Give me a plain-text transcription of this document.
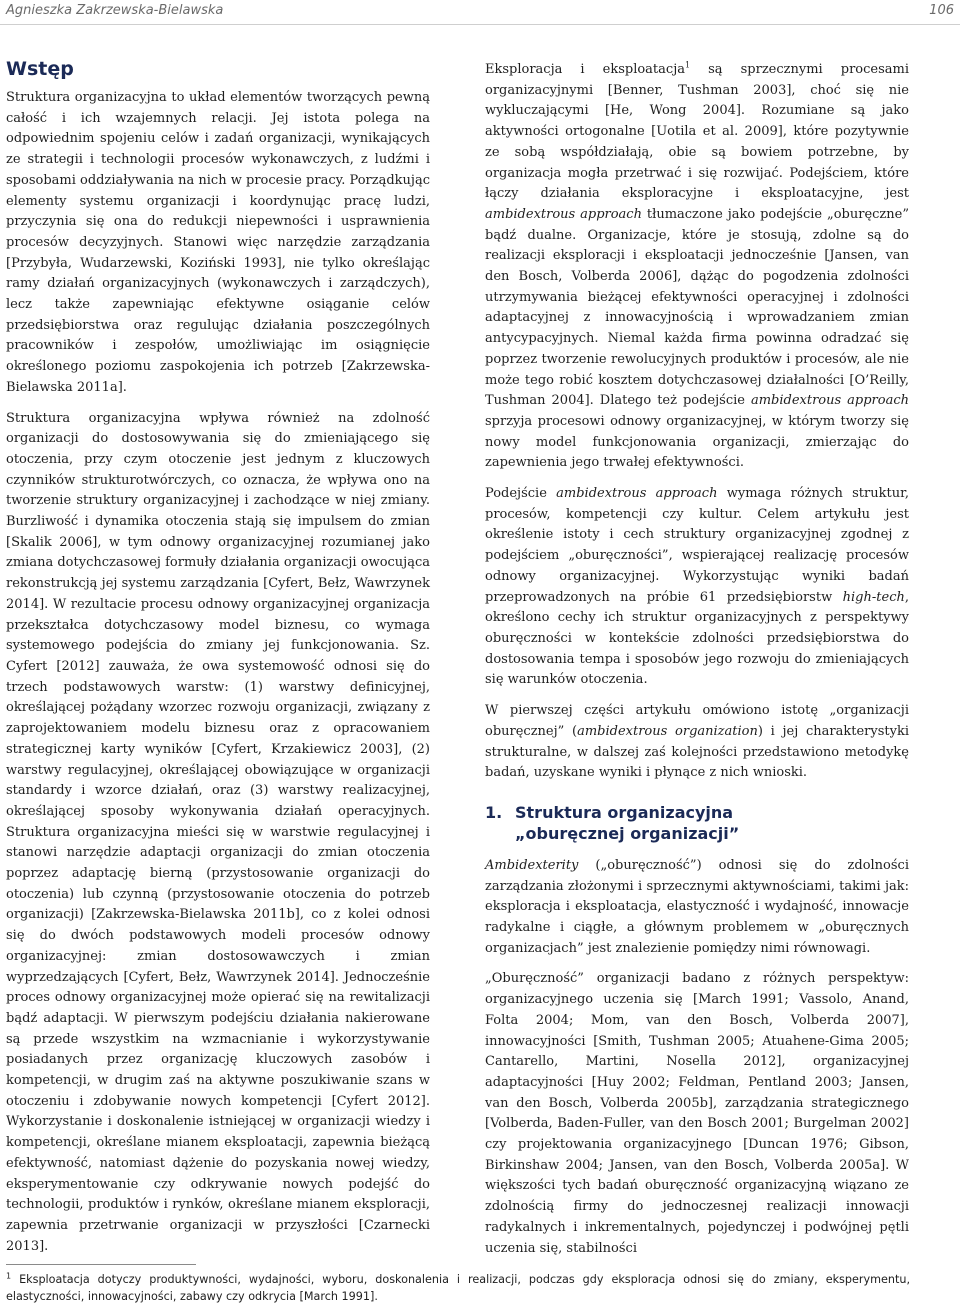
Agnieszka Zakrzewska-Bielawska	106
Wstęp

Struktura organizacyjna to układ elementów tworzących pewną całość i ich wzajemnych relacji. Jej istota polega na odpowiednim spojeniu celów i zadań organizacji, wynikających ze strategii i technologii procesów wykonawczych, z ludźmi i sposobami oddziaływania na nich w procesie pracy. Porządkując elementy systemu organizacji i koordynując pracę ludzi, przyczynia się ona do redukcji niepewności i usprawnienia procesów decyzyjnych. Stanowi więc narzędzie zarządzania [Przybyła, Wudarzewski, Koziński 1993], nie tylko określając ramy działań organizacyjnych (wykonawczych i zarządczych), lecz także zapewniając efektywne osiąganie celów przedsiębiorstwa oraz regulując działania poszczególnych pracowników i zespołów, umożliwiając im osiągnięcie określonego poziomu zaspokojenia ich potrzeb [Zakrzewska-Bielawska 2011a].

Struktura organizacyjna wpływa również na zdolność organizacji do dostosowywania się do zmieniającego się otoczenia, przy czym otoczenie jest jednym z kluczowych czynników strukturotwórczych, co oznacza, że wpływa ono na tworzenie struktury organizacyjnej i zachodzące w niej zmiany. Burzliwość i dynamika otoczenia stają się impulsem do zmian [Skalik 2006], w tym odnowy organizacyjnej rozumianej jako zmiana dotychczasowej formuły działania organizacji owocująca rekonstrukcją jej systemu zarządzania [Cyfert, Bełz, Wawrzynek 2014]. W rezultacie procesu odnowy organizacyjnej organizacja przekształca dotychczasowy model biznesu, co wymaga systemowego podejścia do zmiany jej funkcjonowania. Sz. Cyfert [2012] zauważa, że owa systemowość odnosi się do trzech podstawowych warstw: (1) warstwy definicyjnej, określającej pożądany wzorzec rozwoju organizacji, związany z zaprojektowaniem modelu biznesu oraz z opracowaniem strategicznej karty wyników [Cyfert, Krzakiewicz 2003], (2) warstwy regulacyjnej, określającej obowiązujące w organizacji standardy i wzorce działań, oraz (3) warstwy realizacyjnej, określającej sposoby wykonywania działań operacyjnych. Struktura organizacyjna mieści się w warstwie regulacyjnej i stanowi narzędzie adaptacji organizacji do zmian otoczenia poprzez adaptację bierną (przystosowanie organizacji do otoczenia) lub czynną (przystosowanie otoczenia do potrzeb organizacji) [Zakrzewska-Bielawska 2011b], co z kolei odnosi się do dwóch podstawowych modeli procesów odnowy organizacyjnej: zmian dostosowawczych i zmian wyprzedzających [Cyfert, Bełz, Wawrzynek 2014]. Jednocześnie proces odnowy organizacyjnej może opierać się na rewitalizacji bądź adaptacji. W pierwszym podejściu działania nakierowane są przede wszystkim na wzmacnianie i wykorzystywanie posiadanych przez organizację kluczowych zasobów i kompetencji, w drugim zaś na aktywne poszukiwanie szans w otoczeniu i zdobywanie nowych kompetencji [Cyfert 2012]. Wykorzystanie i doskonalenie istniejącej w organizacji wiedzy i kompetencji, określane mianem eksploatacji, zapewnia bieżącą efektywność, natomiast dążenie do pozyskania nowej wiedzy, eksperymentowanie czy odkrywanie nowych podejść do technologii, produktów i rynków, określane mianem eksploracji, zapewnia przetrwanie organizacji w przyszłości [Czarnecki 2013].

Eksploracja i eksploatacja$^1$ są sprzecznymi procesami organizacyjnymi [Benner, Tushman 2003], choć się nie wykluczającymi [He, Wong 2004]. Rozumiane są jako aktywności ortogonalne [Uotila et al. 2009], które pozytywnie ze sobą współdziałają, obie są bowiem potrzebne, by organizacja mogła przetrwać i się rozwijać. Podejściem, które łączy działania eksploracyjne i eksploatacyjne, jest ambidextrous approach tłumaczone jako podejście „oburęczne” bądź dualne. Organizacje, które je stosują, zdolne są do realizacji eksploracji i eksploatacji jednocześnie [Jansen, van den Bosch, Volberda 2006], dążąc do pogodzenia zdolności utrzymywania bieżącej efektywności operacyjnej i zdolności adaptacyjnej z innowacyjnością i wprowadzaniem zmian antycypacyjnych. Niemal każda firma powinna odradzać się poprzez tworzenie rewolucyjnych produktów i procesów, ale nie może tego robić kosztem dotychczasowej działalności [O’Reilly, Tushman 2004]. Dlatego też podejście ambidextrous approach sprzyja procesowi odnowy organizacyjnej, w którym tworzy się nowy model funkcjonowania organizacji, zmierzając do zapewnienia jego trwałej efektywności.

Podejście ambidextrous approach wymaga różnych struktur, procesów, kompetencji czy kultur. Celem artykułu jest określenie istoty i cech struktury organizacyjnej zgodnej z podejściem „oburęczności”, wspierającej realizację procesów odnowy organizacyjnej. Wykorzystując wyniki badań przeprowadzonych na próbie 61 przedsiębiorstw high-tech, określono cechy ich struktur organizacyjnych z perspektywy oburęczności w kontekście zdolności przedsiębiorstwa do dostosowania tempa i sposobów jego rozwoju do zmieniających się warunków otoczenia.

W pierwszej części artykułu omówiono istotę „organizacji oburęcznej” (ambidextrous organization) i jej charakterystyki strukturalne, w dalszej zaś kolejności przedstawiono metodykę badań, uzyskane wyniki i płynące z nich wnioski.

1. Struktura organizacyjna
„oburęcznej organizacji”

Ambidexterity („oburęczność”) odnosi się do zdolności zarządzania złożonymi i sprzecznymi aktywnościami, takimi jak: eksploracja i eksploatacja, elastyczność i wydajność, innowacje radykalne i ciągłe, a głównym problemem w „oburęcznych organizacjach” jest znalezienie pomiędzy nimi równowagi.

„Oburęczność” organizacji badano z różnych perspektyw: organizacyjnego uczenia się [March 1991; Vassolo, Anand, Folta 2004; Mom, van den Bosch, Volberda 2007], innowacyjności [Smith, Tushman 2005; Atuahene-Gima 2005; Cantarello, Martini, Nosella 2012], organizacyjnej adaptacyjności [Huy 2002; Feldman, Pentland 2003; Jansen, van den Bosch, Volberda 2005b], zarządzania strategicznego [Volberda, Baden-Fuller, van den Bosch 2001; Burgelman 2002] czy projektowania organizacyjnego [Duncan 1976; Gibson, Birkinshaw 2004; Jansen, van den Bosch, Volberda 2005a]. W większości tych badań oburęczność organizacyjną wiązano ze zdolnością firmy do jednoczesnej realizacji innowacji radykalnych i inkrementalnych, pojedynczej i podwójnej pętli uczenia się, stabilności

$^1$ Eksploatacja dotyczy produktywności, wydajności, wyboru, doskonalenia i realizacji, podczas gdy eksploracja odnosi się do zmiany, eksperymentu, elastyczności, innowacyjności, zabawy czy odkrycia [March 1991].
